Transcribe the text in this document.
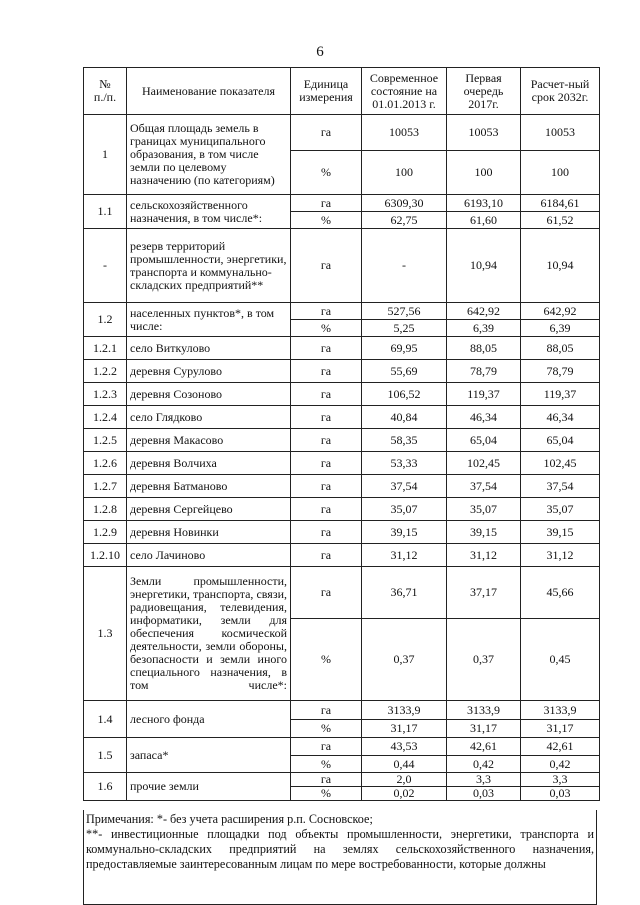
6
№
п./п.	Наименование показателя	Единица измерения	Современное состояние на 01.01.2013 г.	Первая очередь 2017г.	Расчет-ный срок 2032г.
1	Общая площадь земель в границах муниципального образования, в том числе земли по целевому назначению (по категориям)	га	10053	10053	10053
		%	100	100	100
1.1	сельскохозяйственного назначения, в том числе*:	га	6309,30	6193,10	6184,61
		%	62,75	61,60	61,52
-	резерв территорий промышленности, энергетики, транспорта и коммунально-складских предприятий**	га	-	10,94	10,94
1.2	населенных пунктов*, в том числе:	га	527,56	642,92	642,92
		%	5,25	6,39	6,39
1.2.1	село Виткулово	га	69,95	88,05	88,05
1.2.2	деревня Сурулово	га	55,69	78,79	78,79
1.2.3	деревня Созоново	га	106,52	119,37	119,37
1.2.4	село Глядково	га	40,84	46,34	46,34
1.2.5	деревня Макасово	га	58,35	65,04	65,04
1.2.6	деревня Волчиха	га	53,33	102,45	102,45
1.2.7	деревня Батманово	га	37,54	37,54	37,54
1.2.8	деревня Сергейцево	га	35,07	35,07	35,07
1.2.9	деревня Новинки	га	39,15	39,15	39,15
1.2.10	село Лачиново	га	31,12	31,12	31,12
1.3	Земли промышленности, энергетики, транспорта, связи, радиовещания, телевидения, информатики, земли для обеспечения космической деятельности, земли обороны, безопасности и земли иного специального назначения, в том числе*:	га	36,71	37,17	45,66
		%	0,37	0,37	0,45
1.4	лесного фонда	га	3133,9	3133,9	3133,9
		%	31,17	31,17	31,17
1.5	запаса*	га	43,53	42,61	42,61
		%	0,44	0,42	0,42
1.6	прочие земли	га	2,0	3,3	3,3
		%	0,02	0,03	0,03

Примечания: *- без учета расширения р.п. Сосновское;

**- инвестиционные площадки под объекты промышленности, энергетики, транспорта и коммунально-складских предприятий на землях сельскохозяйственного назначения, предоставляемые заинтересованным лицам по мере востребованности, которые должны
